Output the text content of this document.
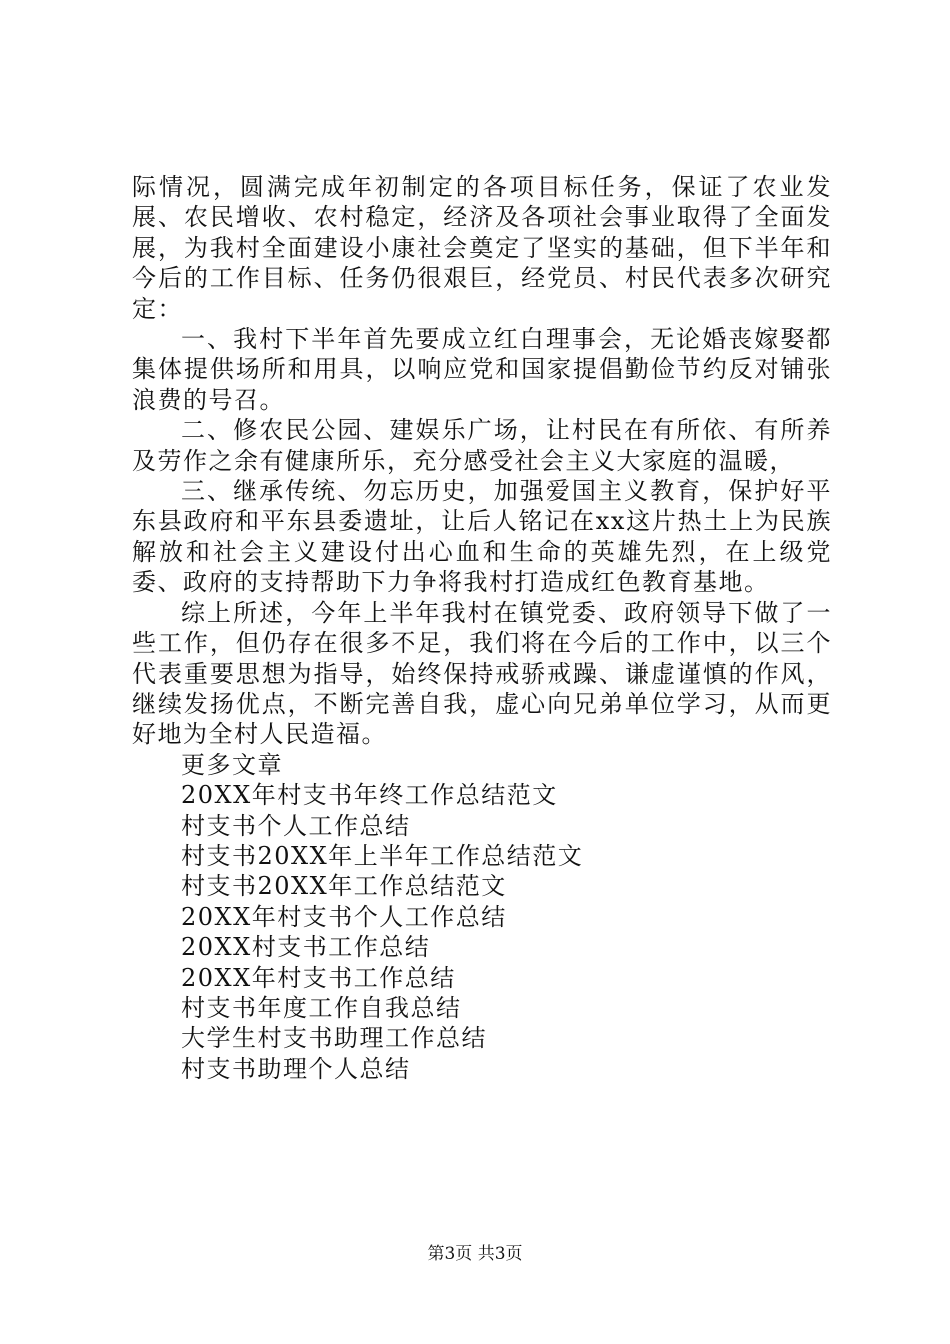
际情况，圆满完成年初制定的各项目标任务，保证了农业发展、农民增收、农村稳定，经济及各项社会事业取得了全面发展，为我村全面建设小康社会奠定了坚实的基础，但下半年和今后的工作目标、任务仍很艰巨，经党员、村民代表多次研究定：

一、我村下半年首先要成立红白理事会，无论婚丧嫁娶都集体提供场所和用具，以响应党和国家提倡勤俭节约反对铺张浪费的号召。

二、修农民公园、建娱乐广场，让村民在有所依、有所养及劳作之余有健康所乐，充分感受社会主义大家庭的温暖，

三、继承传统、勿忘历史，加强爱国主义教育，保护好平东县政府和平东县委遗址，让后人铭记在xx这片热土上为民族解放和社会主义建设付出心血和生命的英雄先烈，在上级党委、政府的支持帮助下力争将我村打造成红色教育基地。

综上所述，今年上半年我村在镇党委、政府领导下做了一些工作，但仍存在很多不足，我们将在今后的工作中，以三个代表重要思想为指导，始终保持戒骄戒躁、谦虚谨慎的作风，继续发扬优点，不断完善自我，虚心向兄弟单位学习，从而更好地为全村人民造福。

更多文章

20XX年村支书年终工作总结范文
村支书个人工作总结
村支书20XX年上半年工作总结范文
村支书20XX年工作总结范文
20XX年村支书个人工作总结
20XX村支书工作总结
20XX年村支书工作总结
村支书年度工作自我总结
大学生村支书助理工作总结
村支书助理个人总结
第3页 共3页
